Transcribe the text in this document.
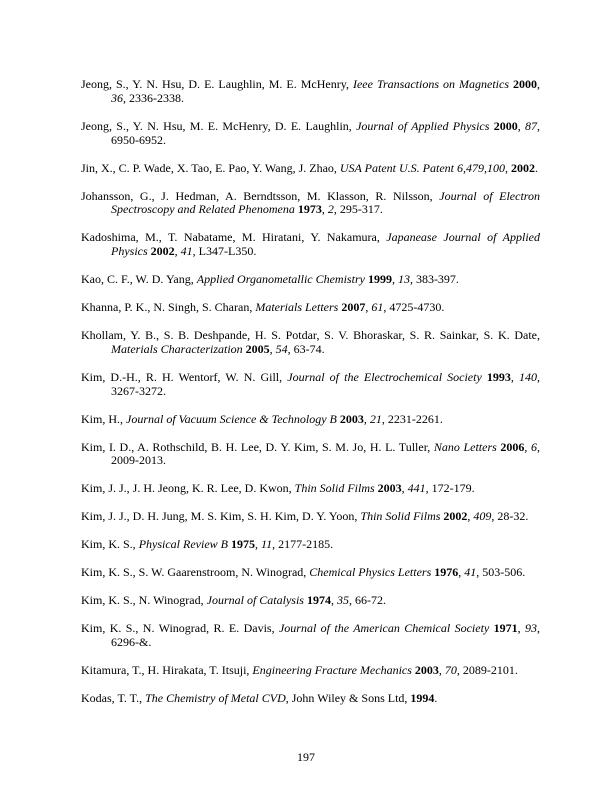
Jeong, S., Y. N. Hsu, D. E. Laughlin, M. E. McHenry, Ieee Transactions on Magnetics 2000, 36, 2336-2338.

Jeong, S., Y. N. Hsu, M. E. McHenry, D. E. Laughlin, Journal of Applied Physics 2000, 87, 6950-6952.

Jin, X., C. P. Wade, X. Tao, E. Pao, Y. Wang, J. Zhao, USA Patent U.S. Patent 6,479,100, 2002.

Johansson, G., J. Hedman, A. Berndtsson, M. Klasson, R. Nilsson, Journal of Electron Spectroscopy and Related Phenomena 1973, 2, 295-317.

Kadoshima, M., T. Nabatame, M. Hiratani, Y. Nakamura, Japanease Journal of Applied Physics 2002, 41, L347-L350.

Kao, C. F., W. D. Yang, Applied Organometallic Chemistry 1999, 13, 383-397.

Khanna, P. K., N. Singh, S. Charan, Materials Letters 2007, 61, 4725-4730.

Khollam, Y. B., S. B. Deshpande, H. S. Potdar, S. V. Bhoraskar, S. R. Sainkar, S. K. Date, Materials Characterization 2005, 54, 63-74.

Kim, D.-H., R. H. Wentorf, W. N. Gill, Journal of the Electrochemical Society 1993, 140, 3267-3272.

Kim, H., Journal of Vacuum Science & Technology B 2003, 21, 2231-2261.

Kim, I. D., A. Rothschild, B. H. Lee, D. Y. Kim, S. M. Jo, H. L. Tuller, Nano Letters 2006, 6, 2009-2013.

Kim, J. J., J. H. Jeong, K. R. Lee, D. Kwon, Thin Solid Films 2003, 441, 172-179.

Kim, J. J., D. H. Jung, M. S. Kim, S. H. Kim, D. Y. Yoon, Thin Solid Films 2002, 409, 28-32.

Kim, K. S., Physical Review B 1975, 11, 2177-2185.

Kim, K. S., S. W. Gaarenstroom, N. Winograd, Chemical Physics Letters 1976, 41, 503-506.

Kim, K. S., N. Winograd, Journal of Catalysis 1974, 35, 66-72.

Kim, K. S., N. Winograd, R. E. Davis, Journal of the American Chemical Society 1971, 93, 6296-&.

Kitamura, T., H. Hirakata, T. Itsuji, Engineering Fracture Mechanics 2003, 70, 2089-2101.

Kodas, T. T., The Chemistry of Metal CVD, John Wiley & Sons Ltd, 1994.

197
